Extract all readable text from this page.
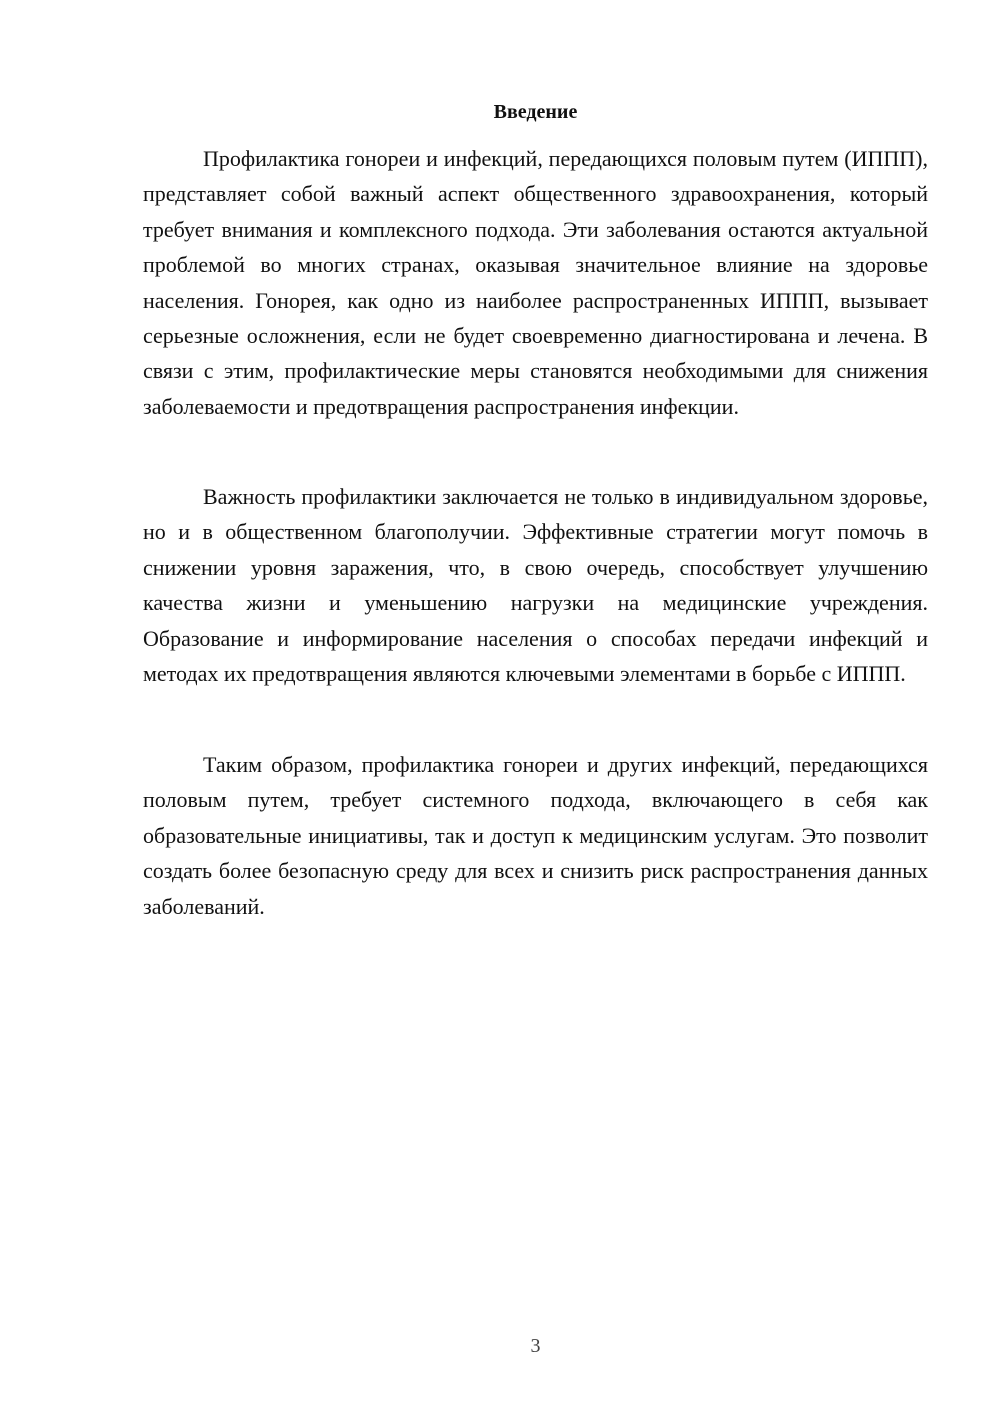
Введение

Профилактика гонореи и инфекций, передающихся половым путем (ИППП), представляет собой важный аспект общественного здравоохранения, который требует внимания и комплексного подхода. Эти заболевания остаются актуальной проблемой во многих странах, оказывая значительное влияние на здоровье населения. Гонорея, как одно из наиболее распространенных ИППП, вызывает серьезные осложнения, если не будет своевременно диагностирована и лечена. В связи с этим, профилактические меры становятся необходимыми для снижения заболеваемости и предотвращения распространения инфекции.

Важность профилактики заключается не только в индивидуальном здоровье, но и в общественном благополучии. Эффективные стратегии могут помочь в снижении уровня заражения, что, в свою очередь, способствует улучшению качества жизни и уменьшению нагрузки на медицинские учреждения. Образование и информирование населения о способах передачи инфекций и методах их предотвращения являются ключевыми элементами в борьбе с ИППП.

Таким образом, профилактика гонореи и других инфекций, передающихся половым путем, требует системного подхода, включающего в себя как образовательные инициативы, так и доступ к медицинским услугам. Это позволит создать более безопасную среду для всех и снизить риск распространения данных заболеваний.

3
